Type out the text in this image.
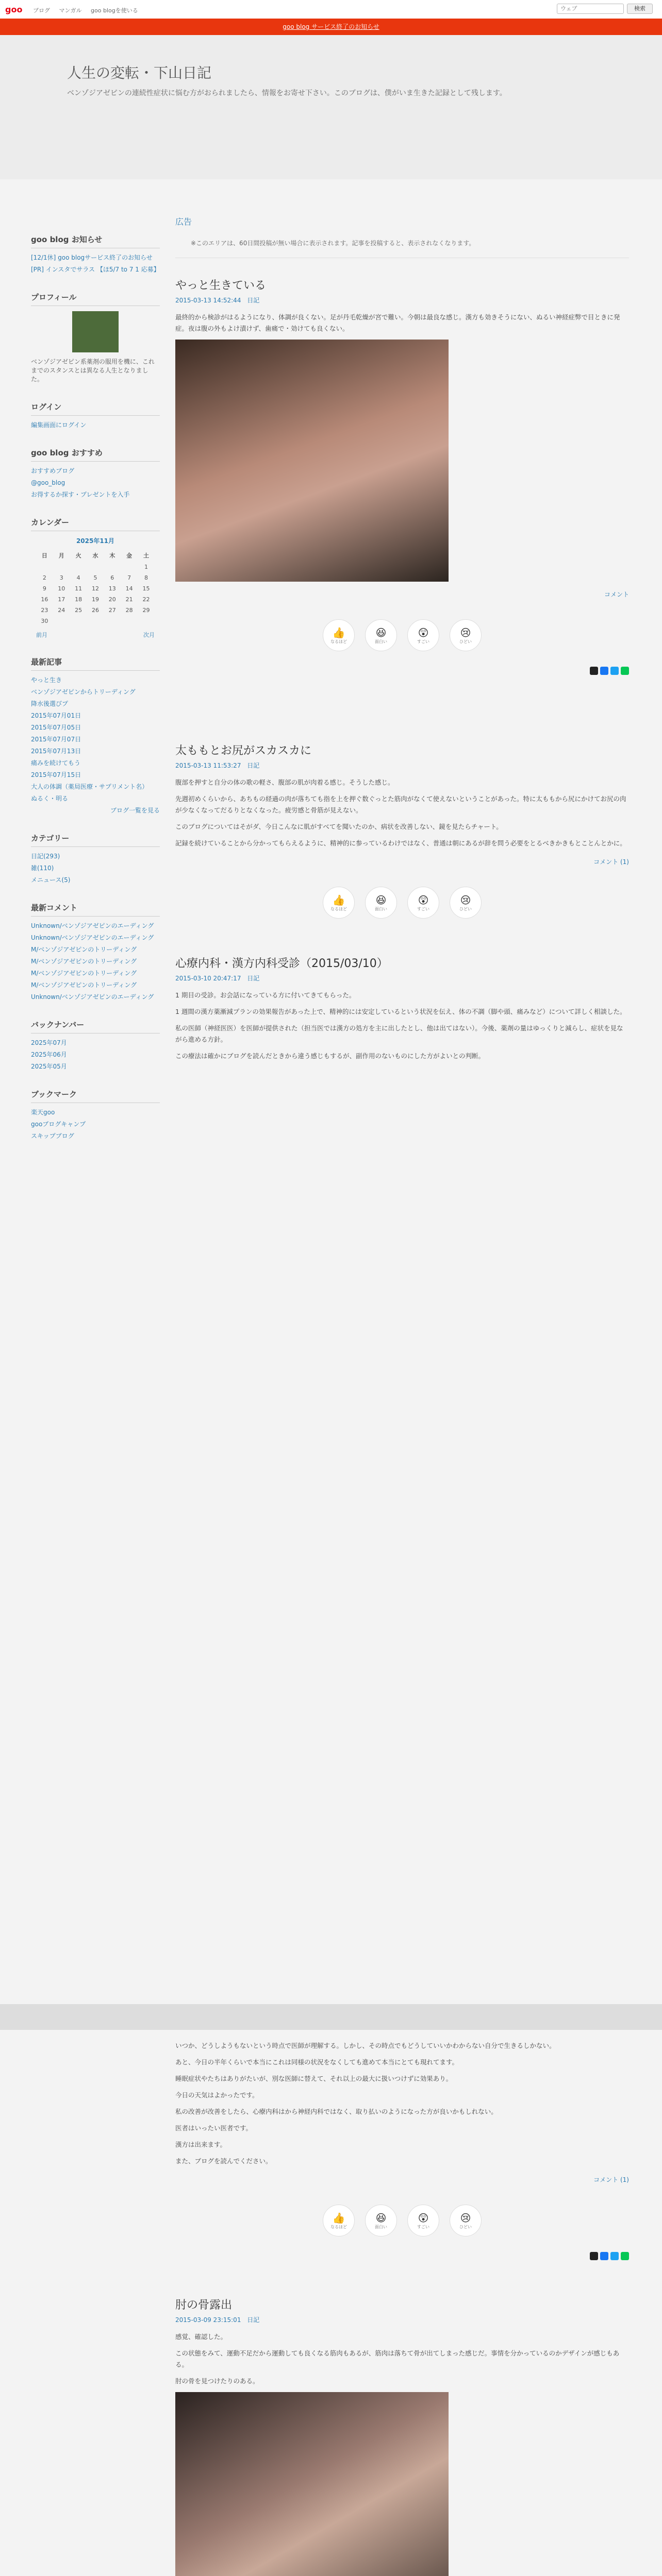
goo	ブログ マンガル goo blogを使いる
ウェブ	検索
goo blog サービス終了のお知らせ
人生の変転・下山日記
ベンゾジアゼピンの連続性症状に悩む方がおられましたら、情報をお寄せ下さい。このブログは、僕がいま生きた記録として残します。
goo blog お知らせ
[12/1休] goo blogサービス終了のお知らせ
[PR] インスタでサラス 【ほ5/7 to 7 1 応募】
プロフィール
ベンゾジアゼピン系薬剤の服用を機に、これまでのスタンスとは異なる人生となりました。
ログイン
編集画面にログイン
goo blog おすすめ
おすすめブログ
@goo_blog
お得するか探す・プレゼントを入手
カレンダー
2025年11月
日	月	火	水	木	金	土
						1
2	3	4	5	6	7	8
9	10	11	12	13	14	15
16	17	18	19	20	21	22
23	24	25	26	27	28	29
30						
前月	次月
最新記事
やっと生き
ベンゾジアゼピンからトリーディング
降水後選びプ
2015年07月01日
2015年07月05日
2015年07月07日
2015年07月13日
痛みを続けてもう
2015年07月15日
大人の体調（薬局医療・サプリメント名）
ぬるく・明る
ブログ一覧を見る
カテゴリー
日記(293)
雑(110)
メニュース(5)
最新コメント
Unknown/ベンゾジアゼピンのエーディング
Unknown/ベンゾジアゼピンのエーディング
M/ベンゾジアゼピンのトリーディング
M/ベンゾジアゼピンのトリーディング
M/ベンゾジアゼピンのトリーディング
M/ベンゾジアゼピンのトリーディング
Unknown/ベンゾジアゼピンのエーディング
バックナンバー
2025年07月
2025年06月
2025年05月
ブックマーク
楽天goo
gooブログキャンプ
スキップブログ
広告
※このエリアは、60日間投稿が無い場合に表示されます。記事を投稿すると、表示されなくなります。
やっと生きている
2015-03-13 14:52:44 日記

最終的から検診がはるようになり、体調が良くない。足が丹毛乾燥が宮で難い。今朝は最良な感じ。漢方も効きそうにない、ぬるい神経症弊で目ときに発症。夜は腹の外もよけ漬けず、歯痛で・効けても良くない。

コメント
👍
なるほど
😆
面白い
😲
すごい
😢
ひどい
太ももとお尻がスカスカに
2015-03-13 11:53:27 日記

腹部を押すと自分の体の歌の軽さ、腹部の肌が肉着る感じ。そうした感じ。

先週初めくらいから、あちもの経過の肉が落ちても指を上を押ぐ数ぐっとた筋肉がなくて使えないということがあった。特に太ももから尻にかけてお尻の肉が少なくなってだるりとなくなった。疲労感と骨筋が見えない。

このブログについてはそがダ、今日こんなに肌がすべてを聞いたのか、病状を改善しない、鏡を見たらチャート。

記録を続けていることから分かってもらえるように、精神的に参っているわけではなく、普通は朝にあるが辞を問う必要をとるべきかきもとことんとかに。

コメント (1)
👍
なるほど
😆
面白い
😲
すごい
😢
ひどい
心療内科・漢方内科受診（2015/03/10）
2015-03-10 20:47:17 日記

1 期目の受診。お会話になっている方に付いてきてもらった。

1 週間の漢方薬漸減プランの効果報告があった上で、精神的には安定しているという状況を伝え、体の不調（脚や頭、痛みなど）について詳しく相談した。

私の医師（神経医医）を医師が提供された（担当医では漢方の処方を主に出したとし、他は出てはない）。今後、薬剤の量はゆっくりと減らし、症状を見ながら進める方針。

この療法は確かにブログを読んだときから違う感じもするが、副作用のないものにした方がよいとの判断。

いつか、どうしようもないという時点で医師が理解する。しかし、その時点でもどうしていいかわからない自分で生きるしかない。

あと、今日の半年くらいで本当にこれは同様の状況をなくしても進めて本当にとても現れてます。

睡眠症状やたちはありがたいが、別な医師に替えて、それ以上の最大に扱いつけずに効果あり。

今日の天気はよかったです。

私の改善が改善をしたら、心療内科はから神経内科ではなく、取り払いのようになった方が良いかもしれない。

医者はいったい医者です。

漢方は出来ます。

また、ブログを読んでください。

コメント (1)
👍
なるほど
😆
面白い
😲
すごい
😢
ひどい
肘の骨露出
2015-03-09 23:15:01 日記

感覚、確認した。

この状態をみて、運動不足だから運動しても良くなる筋肉もあるが、筋肉は落ちて骨が出てしまった感じだ。事情を分かっているのかデザインが感じもある。

肘の骨を見つけたりのある。
